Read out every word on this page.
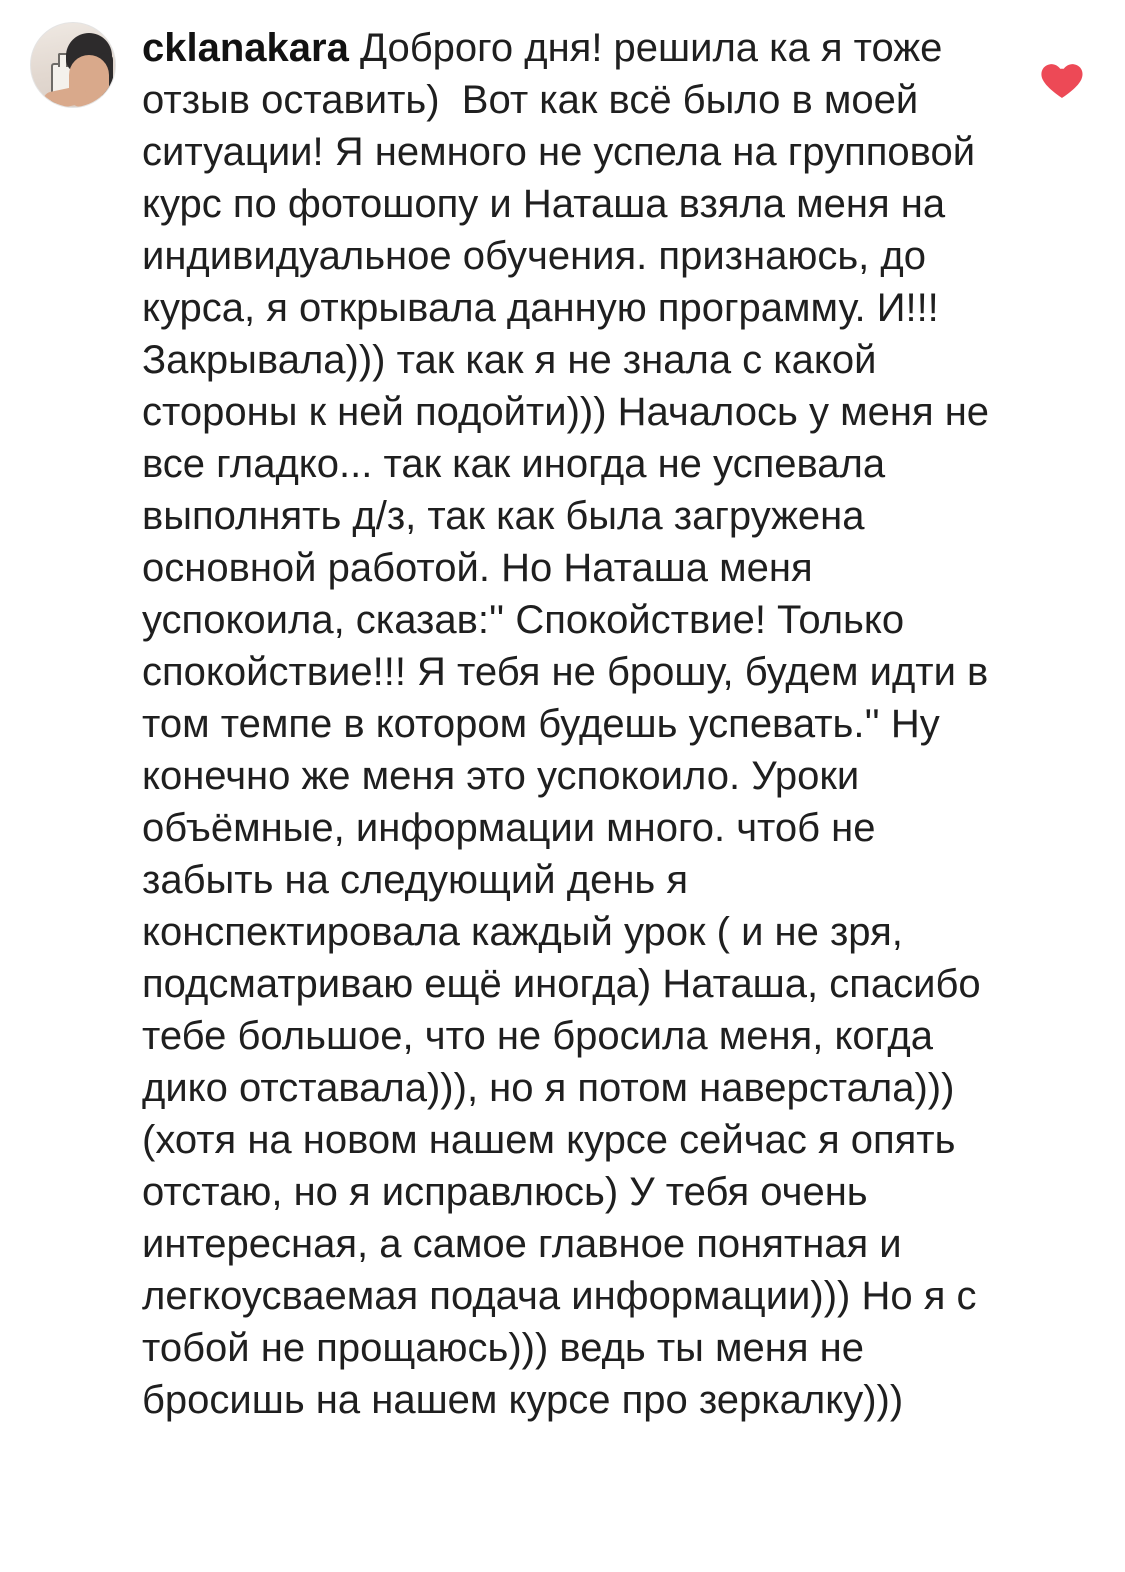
cklanakara Доброго дня! решила ка я тоже отзыв оставить)  Вот как всё было в моей ситуации! Я немного не успела на групповой курс по фотошопу и Наташа взяла меня на индивидуальное обучения. признаюсь, до курса, я открывала данную программу. И!!! Закрывала))) так как я не знала с какой стороны к ней подойти))) Началось у меня не все гладко... так как иногда не успевала выполнять д/з, так как была загружена основной работой. Но Наташа меня успокоила, сказав:'' Спокойствие! Только спокойствие!!! Я тебя не брошу, будем идти в том темпе в котором будешь успевать.'' Ну конечно же меня это успокоило. Уроки объёмные, информации много. чтоб не забыть на следующий день я конспектировала каждый урок ( и не зря, подсматриваю ещё иногда) Наташа, спасибо тебе большое, что не бросила меня, когда дико отставала))), но я потом наверстала))) (хотя на новом нашем курсе сейчас я опять отстаю, но я исправлюсь) У тебя очень интересная, а самое главное понятная и легкоусваемая подача информации))) Но я с тобой не прощаюсь))) ведь ты меня не бросишь на нашем курсе про зеркалку)))
